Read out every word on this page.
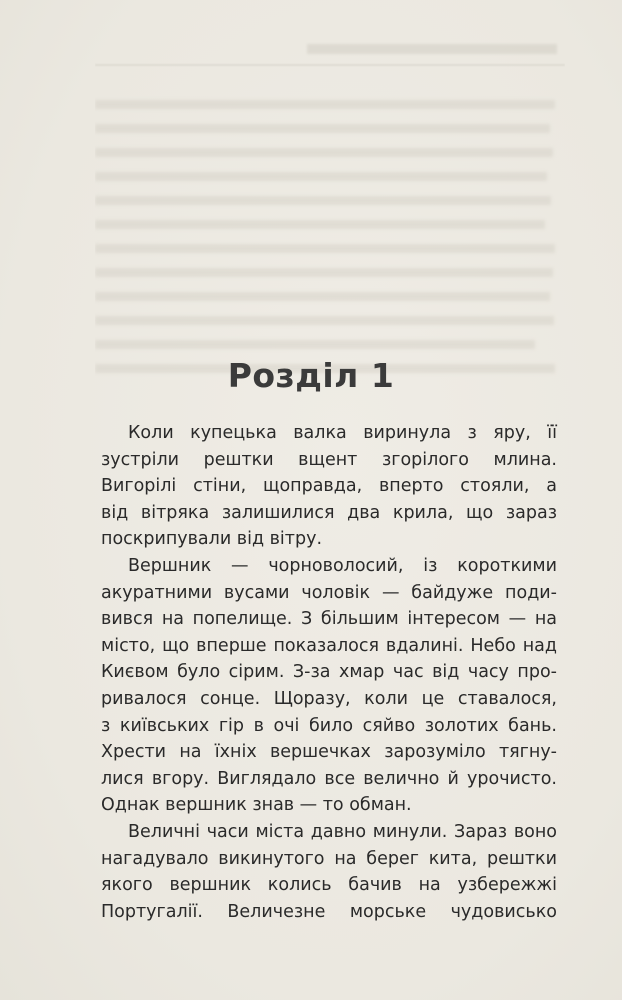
Розділ 1

Коли купецька валка виринула з яру, її
зустріли рештки вщент згорілого млина.
Вигорілі стіни, щоправда, вперто стояли, а
від вітряка залишилися два крила, що зараз
поскрипували від вітру.

Вершник — чорноволосий, із короткими
акуратними вусами чоловік — байдуже поди-
вився на попелище. З більшим інтересом — на
місто, що вперше показалося вдалині. Небо над
Києвом було сірим. З-за хмар час від часу про-
ривалося сонце. Щоразу, коли це ставалося,
з київських гір в очі било сяйво золотих бань.
Хрести на їхніх вершечках зарозуміло тягну-
лися вгору. Виглядало все велично й урочисто.
Однак вершник знав — то обман.

Величні часи міста давно минули. Зараз воно
нагадувало викинутого на берег кита, рештки
якого вершник колись бачив на узбережжі
Португалії. Величезне морське чудовисько
